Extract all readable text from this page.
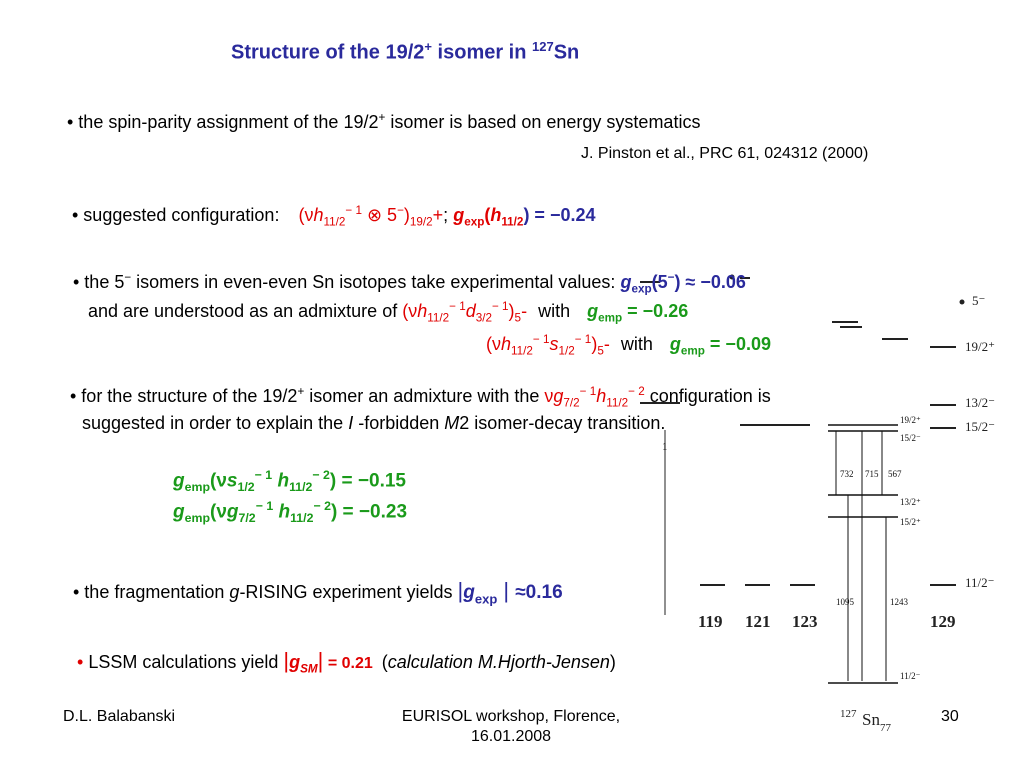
Structure of the 19/2+ isomer in $^{127}$Sn
• the spin-parity assignment of the 19/2+ isomer is based on energy systematics
J. Pinston et al., PRC 61, 024312 (2000)
• suggested configuration: ($\nu h_{11/2}^{- 1}$ ⊗ $5^-)_{19/2}+$; $g_{exp}(h_{11/2}) = -0.24$
1
5⁻
19/2⁺
13/2⁻
15/2⁻
11/2⁻
119 121 123	129
19/2⁺
15/2⁻
13/2⁺
15/2⁺
11/2⁻
732 715 567
1095	1243
127 Sn 77
• the 5− isomers in even-even Sn isotopes take experimental values: $g_{exp}(5^-) \approx -0.06$
and are understood as an admixture of $(\nu h_{11/2}^{- 1}d_{3/2}^{- 1})_5-$ with $g_{emp} = -0.26$
$(\nu h_{11/2}^{- 1}s_{1/2}^{- 1})_5-$ with $g_{emp} = -0.09$
• for the structure of the 19/2+ isomer an admixture with the $\nu g_{7/2}^{- 1}h_{11/2}^{- 2}$ configuration is
suggested in order to explain the I -forbidden M2 isomer-decay transition.
$g_{emp}(\nu s_{1/2}^{- 1}$ $h_{11/2}^{- 2}) = -0.15$
$g_{emp}(\nu g_{7/2}^{- 1}$ $h_{11/2}^{- 2}) = -0.23$
• the fragmentation g-RISING experiment yields $|g_{exp}$ | ≈0.16
• LSSM calculations yield $|g_{SM}| = 0.21$ (calculation M.Hjorth-Jensen)
D.L. Balabanski	EURISOL workshop, Florence,
16.01.2008
30
